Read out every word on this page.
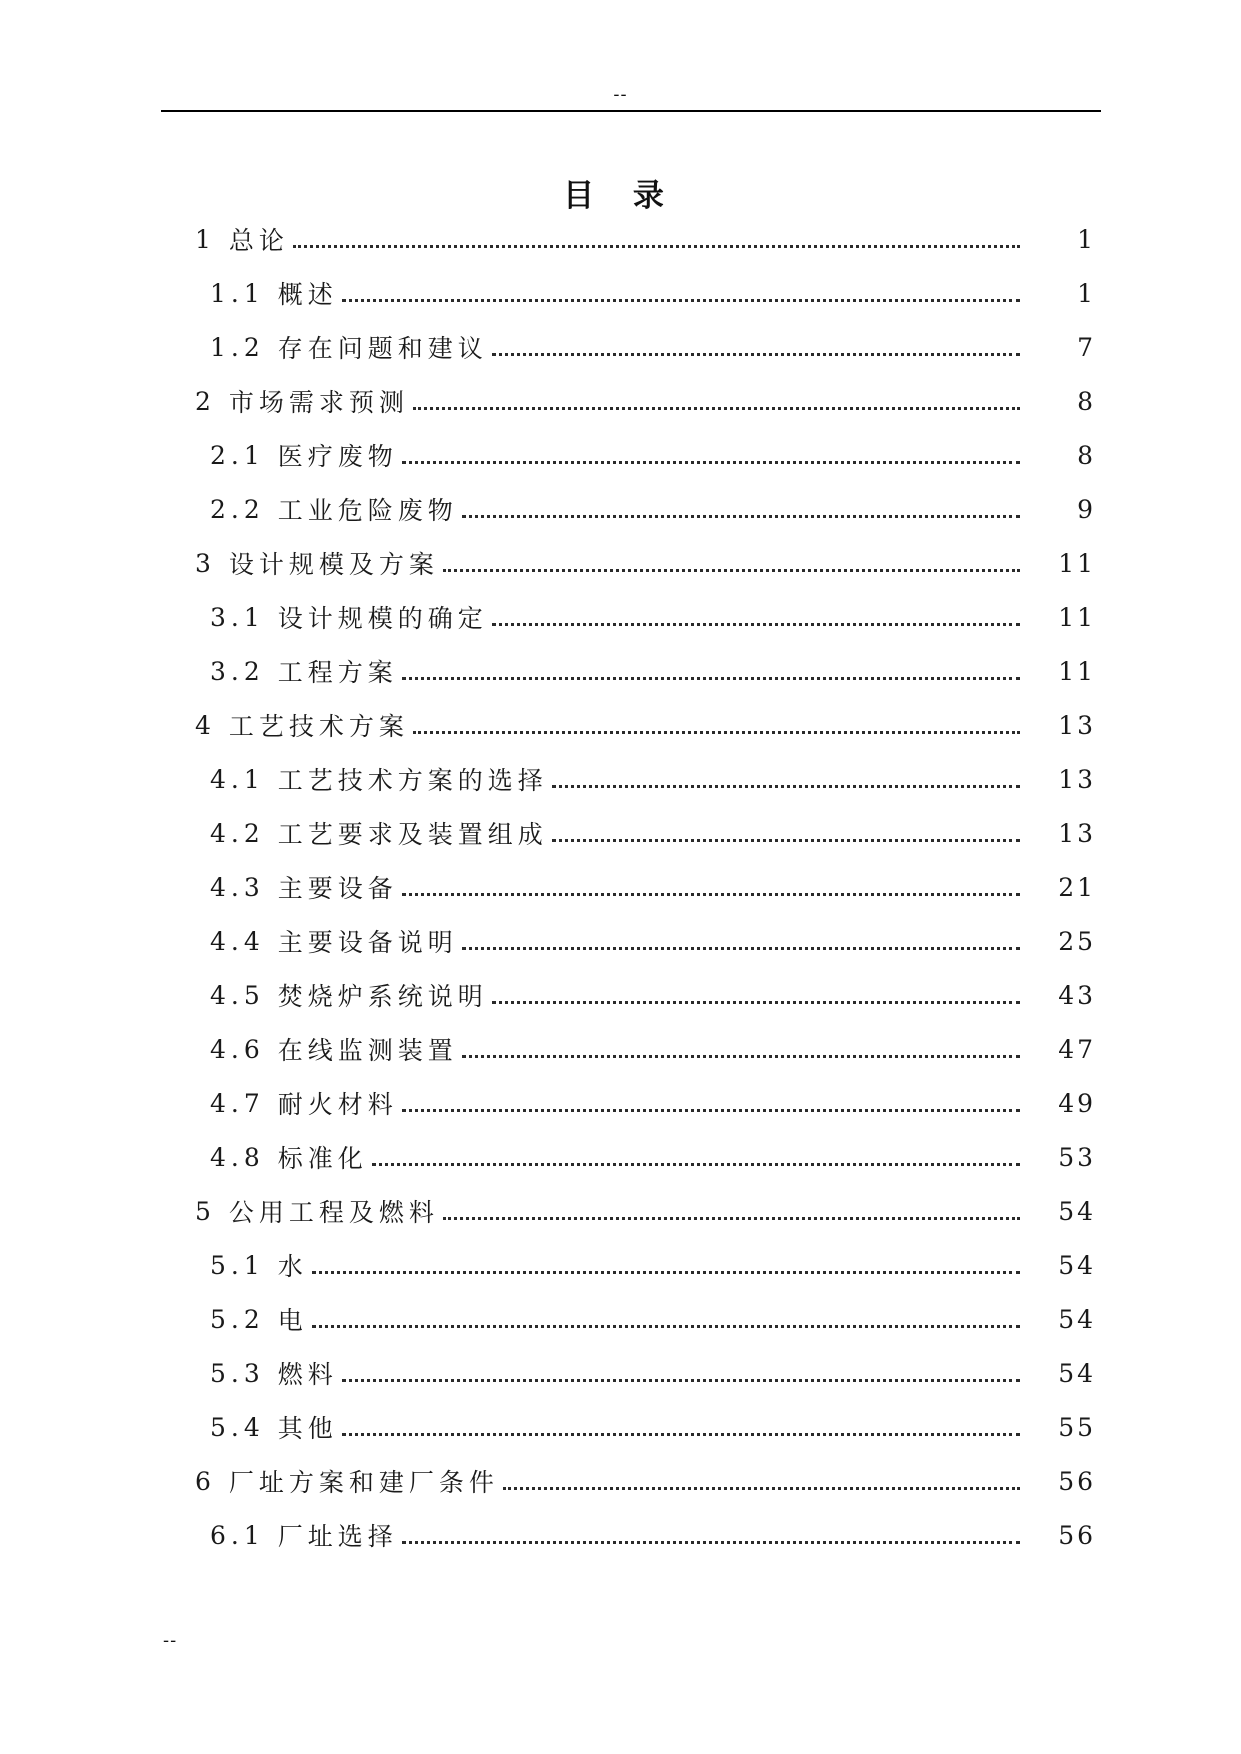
--
目 录
1 总论	1
1.1 概述	1
1.2 存在问题和建议	7
2 市场需求预测	8
2.1 医疗废物	8
2.2 工业危险废物	9
3 设计规模及方案	11
3.1 设计规模的确定	11
3.2 工程方案	11
4 工艺技术方案	13
4.1 工艺技术方案的选择	13
4.2 工艺要求及装置组成	13
4.3 主要设备	21
4.4 主要设备说明	25
4.5 焚烧炉系统说明	43
4.6 在线监测装置	47
4.7 耐火材料	49
4.8 标准化	53
5 公用工程及燃料	54
5.1 水	54
5.2 电	54
5.3 燃料	54
5.4 其他	55
6 厂址方案和建厂条件	56
6.1 厂址选择	56
--
